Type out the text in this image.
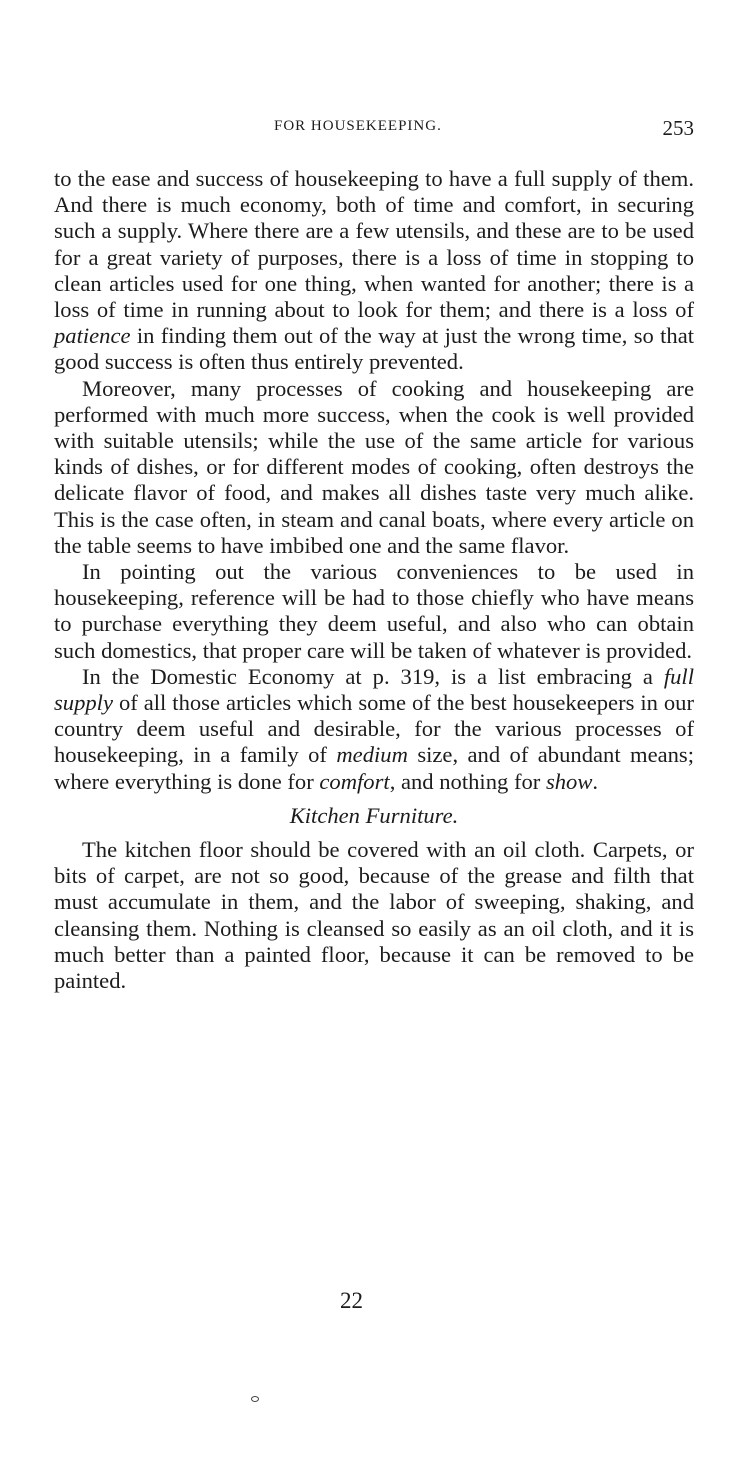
FOR HOUSEKEEPING.	253

to the ease and success of housekeeping to have a full supply of them. And there is much economy, both of time and comfort, in securing such a supply. Where there are a few utensils, and these are to be used for a great variety of purposes, there is a loss of time in stopping to clean articles used for one thing, when wanted for another; there is a loss of time in running about to look for them; and there is a loss of patience in finding them out of the way at just the wrong time, so that good success is often thus entirely prevented.

Moreover, many processes of cooking and housekeeping are performed with much more success, when the cook is well provided with suitable utensils; while the use of the same article for various kinds of dishes, or for different modes of cooking, often destroys the delicate flavor of food, and makes all dishes taste very much alike. This is the case often, in steam and canal boats, where every article on the table seems to have imbibed one and the same flavor.

In pointing out the various conveniences to be used in housekeeping, reference will be had to those chiefly who have means to purchase everything they deem useful, and also who can obtain such domestics, that proper care will be taken of whatever is provided.

In the Domestic Economy at p. 319, is a list embracing a full supply of all those articles which some of the best housekeepers in our country deem useful and desirable, for the various processes of housekeeping, in a family of medium size, and of abundant means; where everything is done for comfort, and nothing for show.

Kitchen Furniture.

The kitchen floor should be covered with an oil cloth. Carpets, or bits of carpet, are not so good, because of the grease and filth that must accumulate in them, and the labor of sweeping, shaking, and cleansing them. Nothing is cleansed so easily as an oil cloth, and it is much better than a painted floor, because it can be removed to be painted.

22
